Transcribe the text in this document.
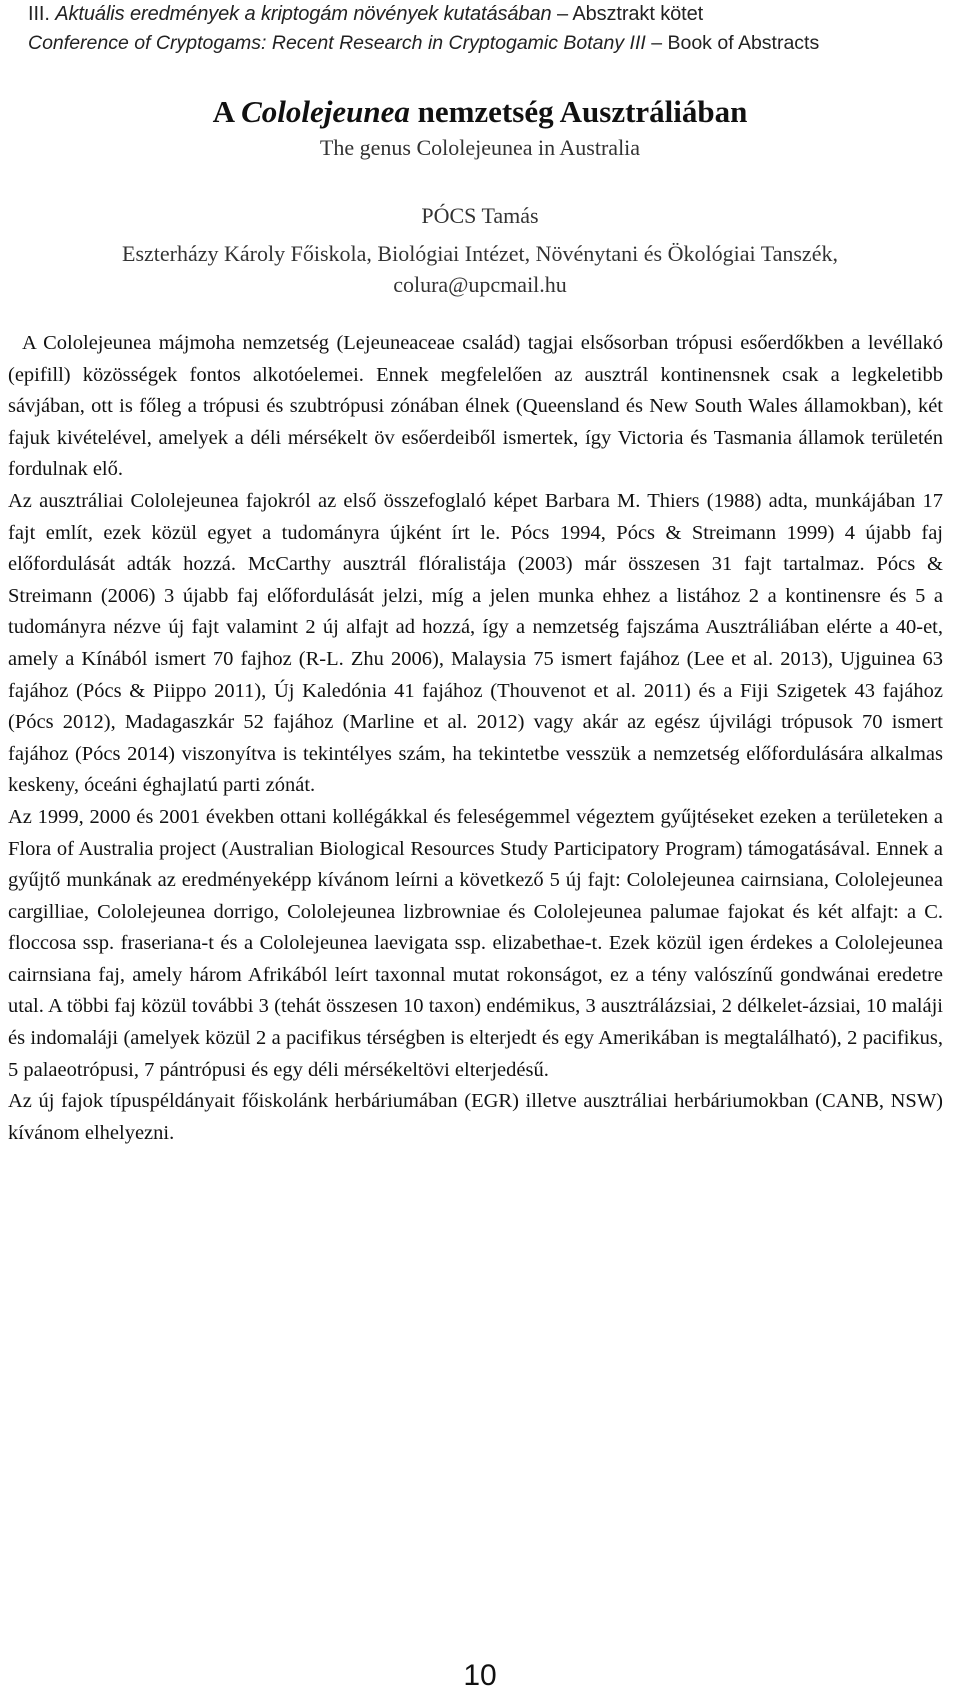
III. Aktuális eredmények a kriptogám növények kutatásában – Absztrakt kötet
Conference of Cryptogams: Recent Research in Cryptogamic Botany III – Book of Abstracts
A Cololejeunea nemzetség Ausztráliában
The genus Cololejeunea in Australia
PÓCS Tamás
Eszterházy Károly Főiskola, Biológiai Intézet, Növénytani és Ökológiai Tanszék,
colura@upcmail.hu

A Cololejeunea májmoha nemzetség (Lejeuneaceae család) tagjai elsősorban trópusi esőerdőkben a levéllakó (epifill) közösségek fontos alkotóelemei. Ennek megfelelően az ausztrál kontinensnek csak a legkeletibb sávjában, ott is főleg a trópusi és szubtrópusi zónában élnek (Queensland és New South Wales államokban), két fajuk kivételével, amelyek a déli mérsékelt öv esőerdeiből ismertek, így Victoria és Tasmania államok területén fordulnak elő.

Az ausztráliai Cololejeunea fajokról az első összefoglaló képet Barbara M. Thiers (1988) adta, munkájában 17 fajt említ, ezek közül egyet a tudományra újként írt le. Pócs 1994, Pócs & Streimann 1999) 4 újabb faj előfordulását adták hozzá. McCarthy ausztrál flóralistája (2003) már összesen 31 fajt tartalmaz. Pócs & Streimann (2006) 3 újabb faj előfordulását jelzi, míg a jelen munka ehhez a listához 2 a kontinensre és 5 a tudományra nézve új fajt valamint 2 új alfajt ad hozzá, így a nemzetség fajszáma Ausztráliában elérte a 40-et, amely a Kínából ismert 70 fajhoz (R-L. Zhu 2006), Malaysia 75 ismert fajához (Lee et al. 2013), Ujguinea 63 fajához (Pócs & Piippo 2011), Új Kaledónia 41 fajához (Thouvenot et al. 2011) és a Fiji Szigetek 43 fajához (Pócs 2012), Madagaszkár 52 fajához (Marline et al. 2012) vagy akár az egész újvilági trópusok 70 ismert fajához (Pócs 2014) viszonyítva is tekintélyes szám, ha tekintetbe vesszük a nemzetség előfordulására alkalmas keskeny, óceáni éghajlatú parti zónát.

Az 1999, 2000 és 2001 években ottani kollégákkal és feleségemmel végeztem gyűjtéseket ezeken a területeken a Flora of Australia project (Australian Biological Resources Study Participatory Program) támogatásával. Ennek a gyűjtő munkának az eredményeképp kívánom leírni a következő 5 új fajt: Cololejeunea cairnsiana, Cololejeunea cargilliae, Cololejeunea dorrigo, Cololejeunea lizbrowniae és Cololejeunea palumae fajokat és két alfajt: a C. floccosa ssp. fraseriana-t és a Cololejeunea laevigata ssp. elizabethae-t. Ezek közül igen érdekes a Cololejeunea cairnsiana faj, amely három Afrikából leírt taxonnal mutat rokonságot, ez a tény valószínű gondwánai eredetre utal. A többi faj közül további 3 (tehát összesen 10 taxon) endémikus, 3 ausztrálázsiai, 2 délkelet-ázsiai, 10 maláji és indomaláji (amelyek közül 2 a pacifikus térségben is elterjedt és egy Amerikában is megtalálható), 2 pacifikus, 5 palaeotrópusi, 7 pántrópusi és egy déli mérsékeltövi elterjedésű.

Az új fajok típuspéldányait főiskolánk herbáriumában (EGR) illetve ausztráliai herbáriumokban (CANB, NSW) kívánom elhelyezni.

10
